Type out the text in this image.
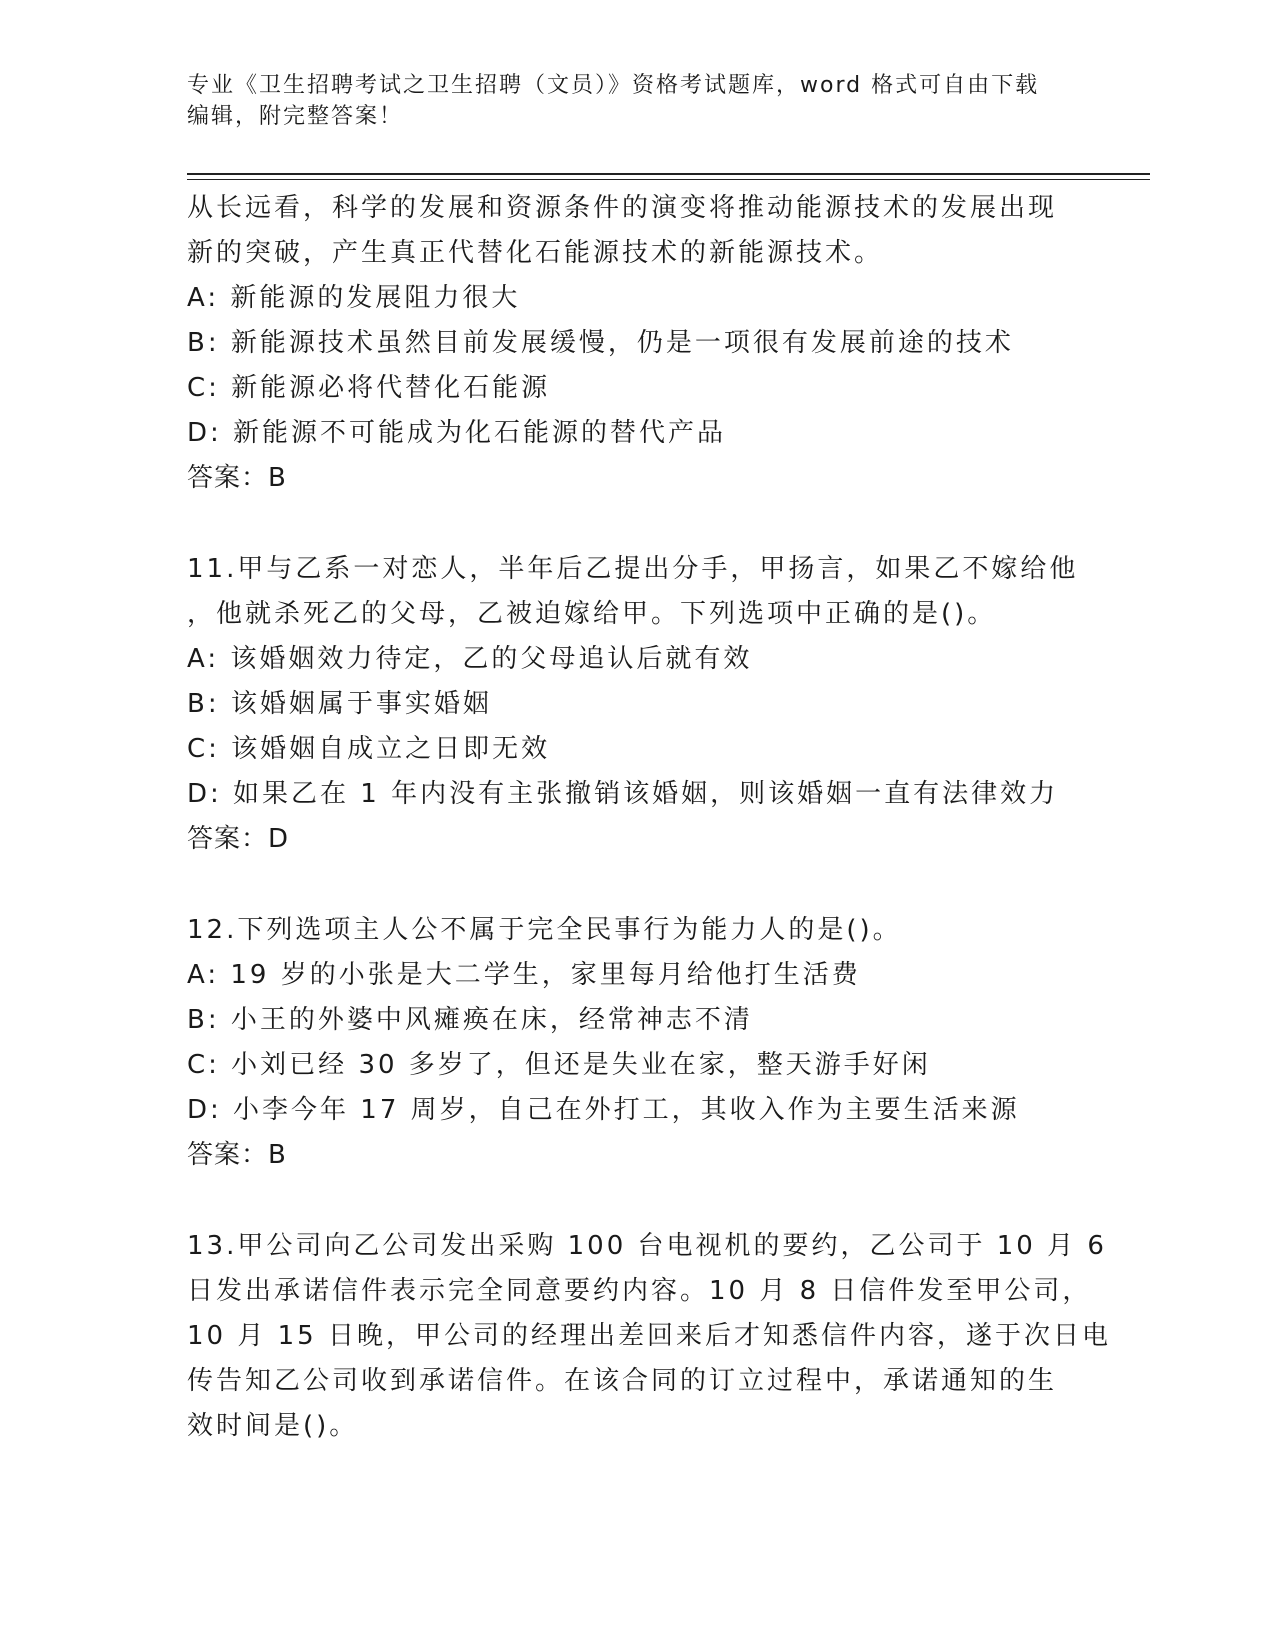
专业《卫生招聘考试之卫生招聘（文员）》资格考试题库，word 格式可自由下载
编辑，附完整答案！
从长远看，科学的发展和资源条件的演变将推动能源技术的发展出现
新的突破，产生真正代替化石能源技术的新能源技术。
A: 新能源的发展阻力很大
B: 新能源技术虽然目前发展缓慢，仍是一项很有发展前途的技术
C: 新能源必将代替化石能源
D: 新能源不可能成为化石能源的替代产品
答案：B
11.甲与乙系一对恋人，半年后乙提出分手，甲扬言，如果乙不嫁给他
，他就杀死乙的父母，乙被迫嫁给甲。下列选项中正确的是()。
A: 该婚姻效力待定，乙的父母追认后就有效
B: 该婚姻属于事实婚姻
C: 该婚姻自成立之日即无效
D: 如果乙在 1 年内没有主张撤销该婚姻，则该婚姻一直有法律效力
答案：D
12.下列选项主人公不属于完全民事行为能力人的是()。
A: 19 岁的小张是大二学生，家里每月给他打生活费
B: 小王的外婆中风瘫痪在床，经常神志不清
C: 小刘已经 30 多岁了，但还是失业在家，整天游手好闲
D: 小李今年 17 周岁，自己在外打工，其收入作为主要生活来源
答案：B
13.甲公司向乙公司发出采购 100 台电视机的要约，乙公司于 10 月 6
日发出承诺信件表示完全同意要约内容。10 月 8 日信件发至甲公司，
10 月 15 日晚，甲公司的经理出差回来后才知悉信件内容，遂于次日电
传告知乙公司收到承诺信件。在该合同的订立过程中，承诺通知的生
效时间是()。
